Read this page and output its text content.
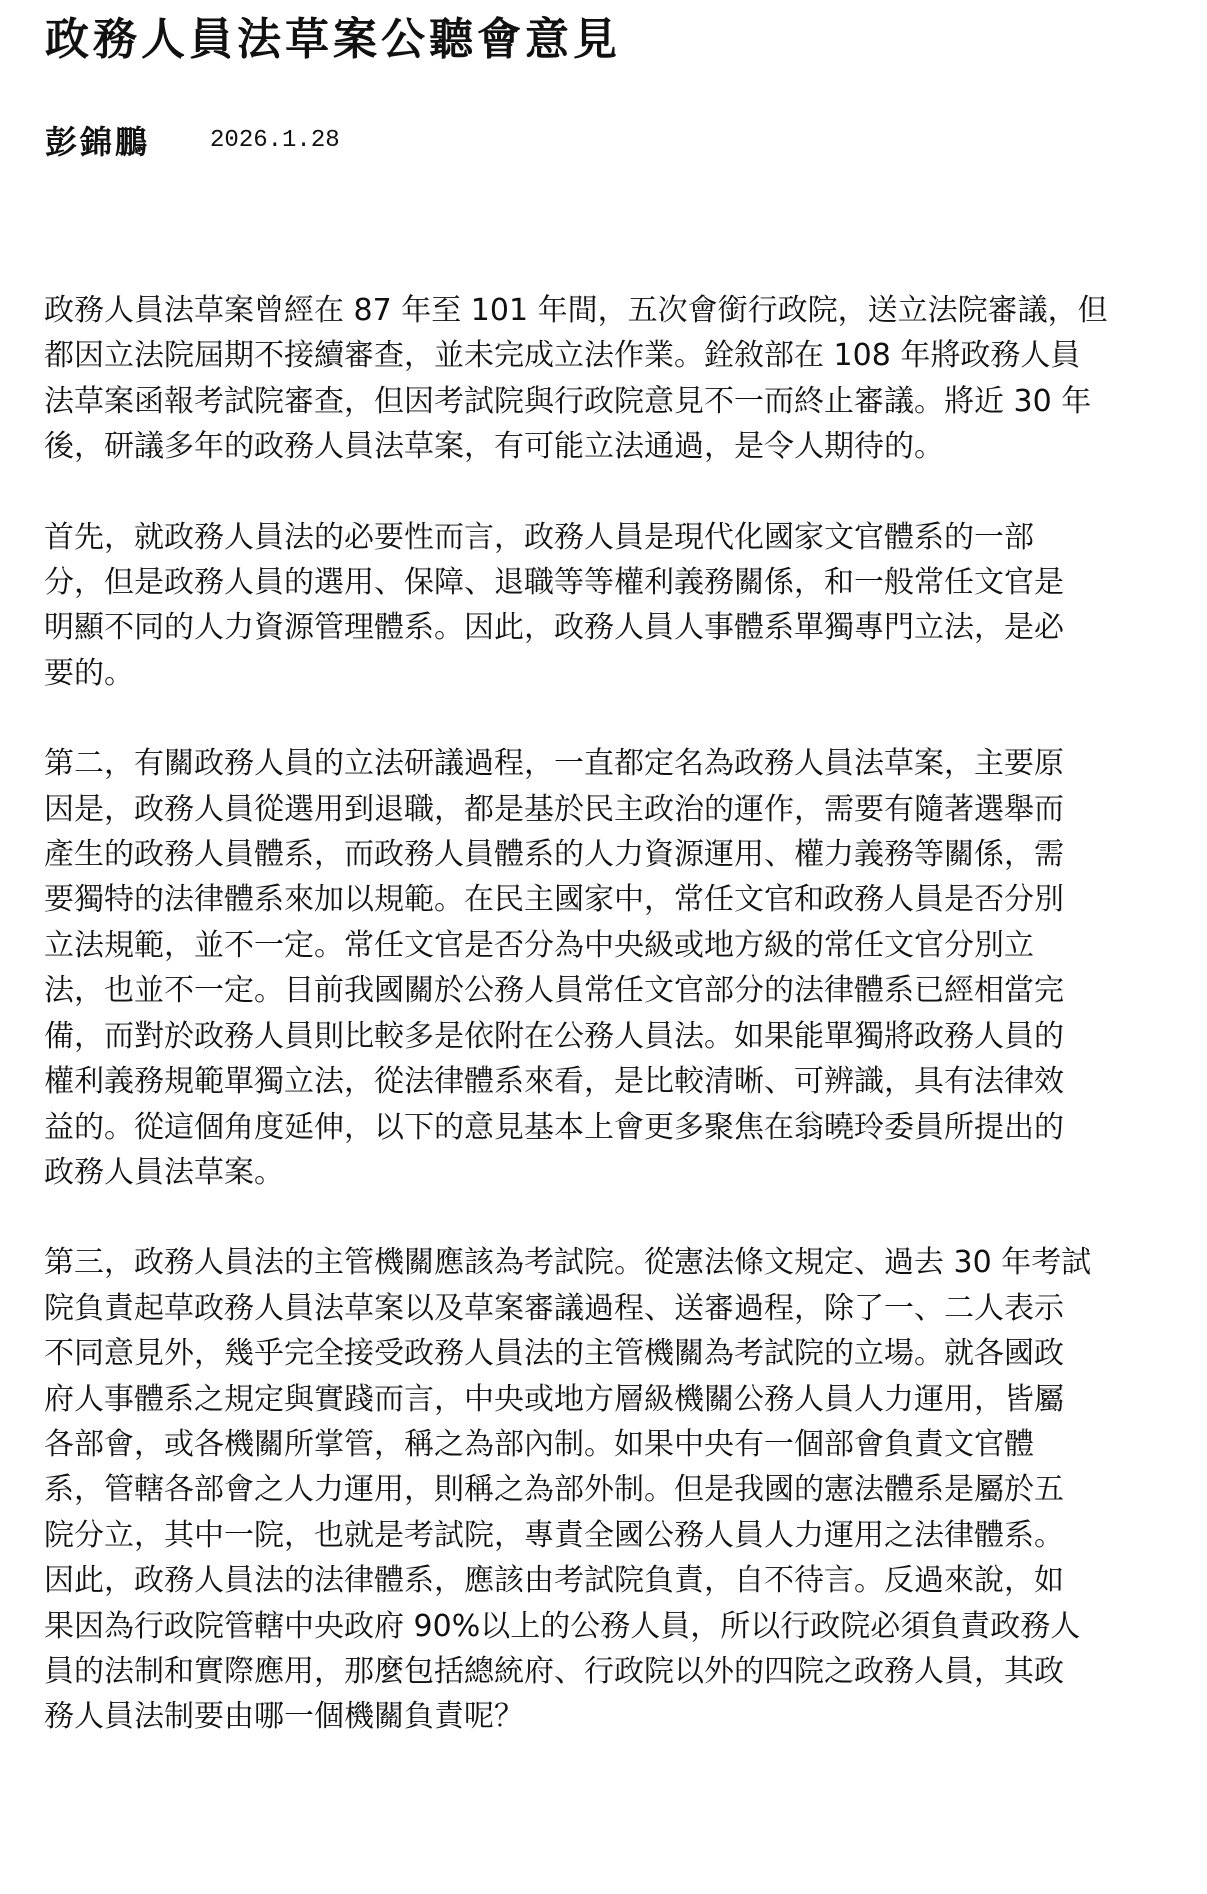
政務人員法草案公聽會意見
彭錦鵬	2026.1.28

政務人員法草案曾經在 87 年至 101 年間，五次會銜行政院，送立法院審議，但
都因立法院屆期不接續審查，並未完成立法作業。銓敘部在 108 年將政務人員
法草案函報考試院審查，但因考試院與行政院意見不一而終止審議。將近 30 年
後，研議多年的政務人員法草案，有可能立法通過，是令人期待的。

首先，就政務人員法的必要性而言，政務人員是現代化國家文官體系的一部
分，但是政務人員的選用、保障、退職等等權利義務關係，和一般常任文官是
明顯不同的人力資源管理體系。因此，政務人員人事體系單獨專門立法，是必
要的。

第二，有關政務人員的立法研議過程，一直都定名為政務人員法草案，主要原
因是，政務人員從選用到退職，都是基於民主政治的運作，需要有隨著選舉而
產生的政務人員體系，而政務人員體系的人力資源運用、權力義務等關係，需
要獨特的法律體系來加以規範。在民主國家中，常任文官和政務人員是否分別
立法規範，並不一定。常任文官是否分為中央級或地方級的常任文官分別立
法，也並不一定。目前我國關於公務人員常任文官部分的法律體系已經相當完
備，而對於政務人員則比較多是依附在公務人員法。如果能單獨將政務人員的
權利義務規範單獨立法，從法律體系來看，是比較清晰、可辨識，具有法律效
益的。從這個角度延伸，以下的意見基本上會更多聚焦在翁曉玲委員所提出的
政務人員法草案。

第三，政務人員法的主管機關應該為考試院。從憲法條文規定、過去 30 年考試
院負責起草政務人員法草案以及草案審議過程、送審過程，除了一、二人表示
不同意見外，幾乎完全接受政務人員法的主管機關為考試院的立場。就各國政
府人事體系之規定與實踐而言，中央或地方層級機關公務人員人力運用，皆屬
各部會，或各機關所掌管，稱之為部內制。如果中央有一個部會負責文官體
系，管轄各部會之人力運用，則稱之為部外制。但是我國的憲法體系是屬於五
院分立，其中一院，也就是考試院，專責全國公務人員人力運用之法律體系。
因此，政務人員法的法律體系，應該由考試院負責，自不待言。反過來說，如
果因為行政院管轄中央政府 90%以上的公務人員，所以行政院必須負責政務人
員的法制和實際應用，那麼包括總統府、行政院以外的四院之政務人員，其政
務人員法制要由哪一個機關負責呢？
